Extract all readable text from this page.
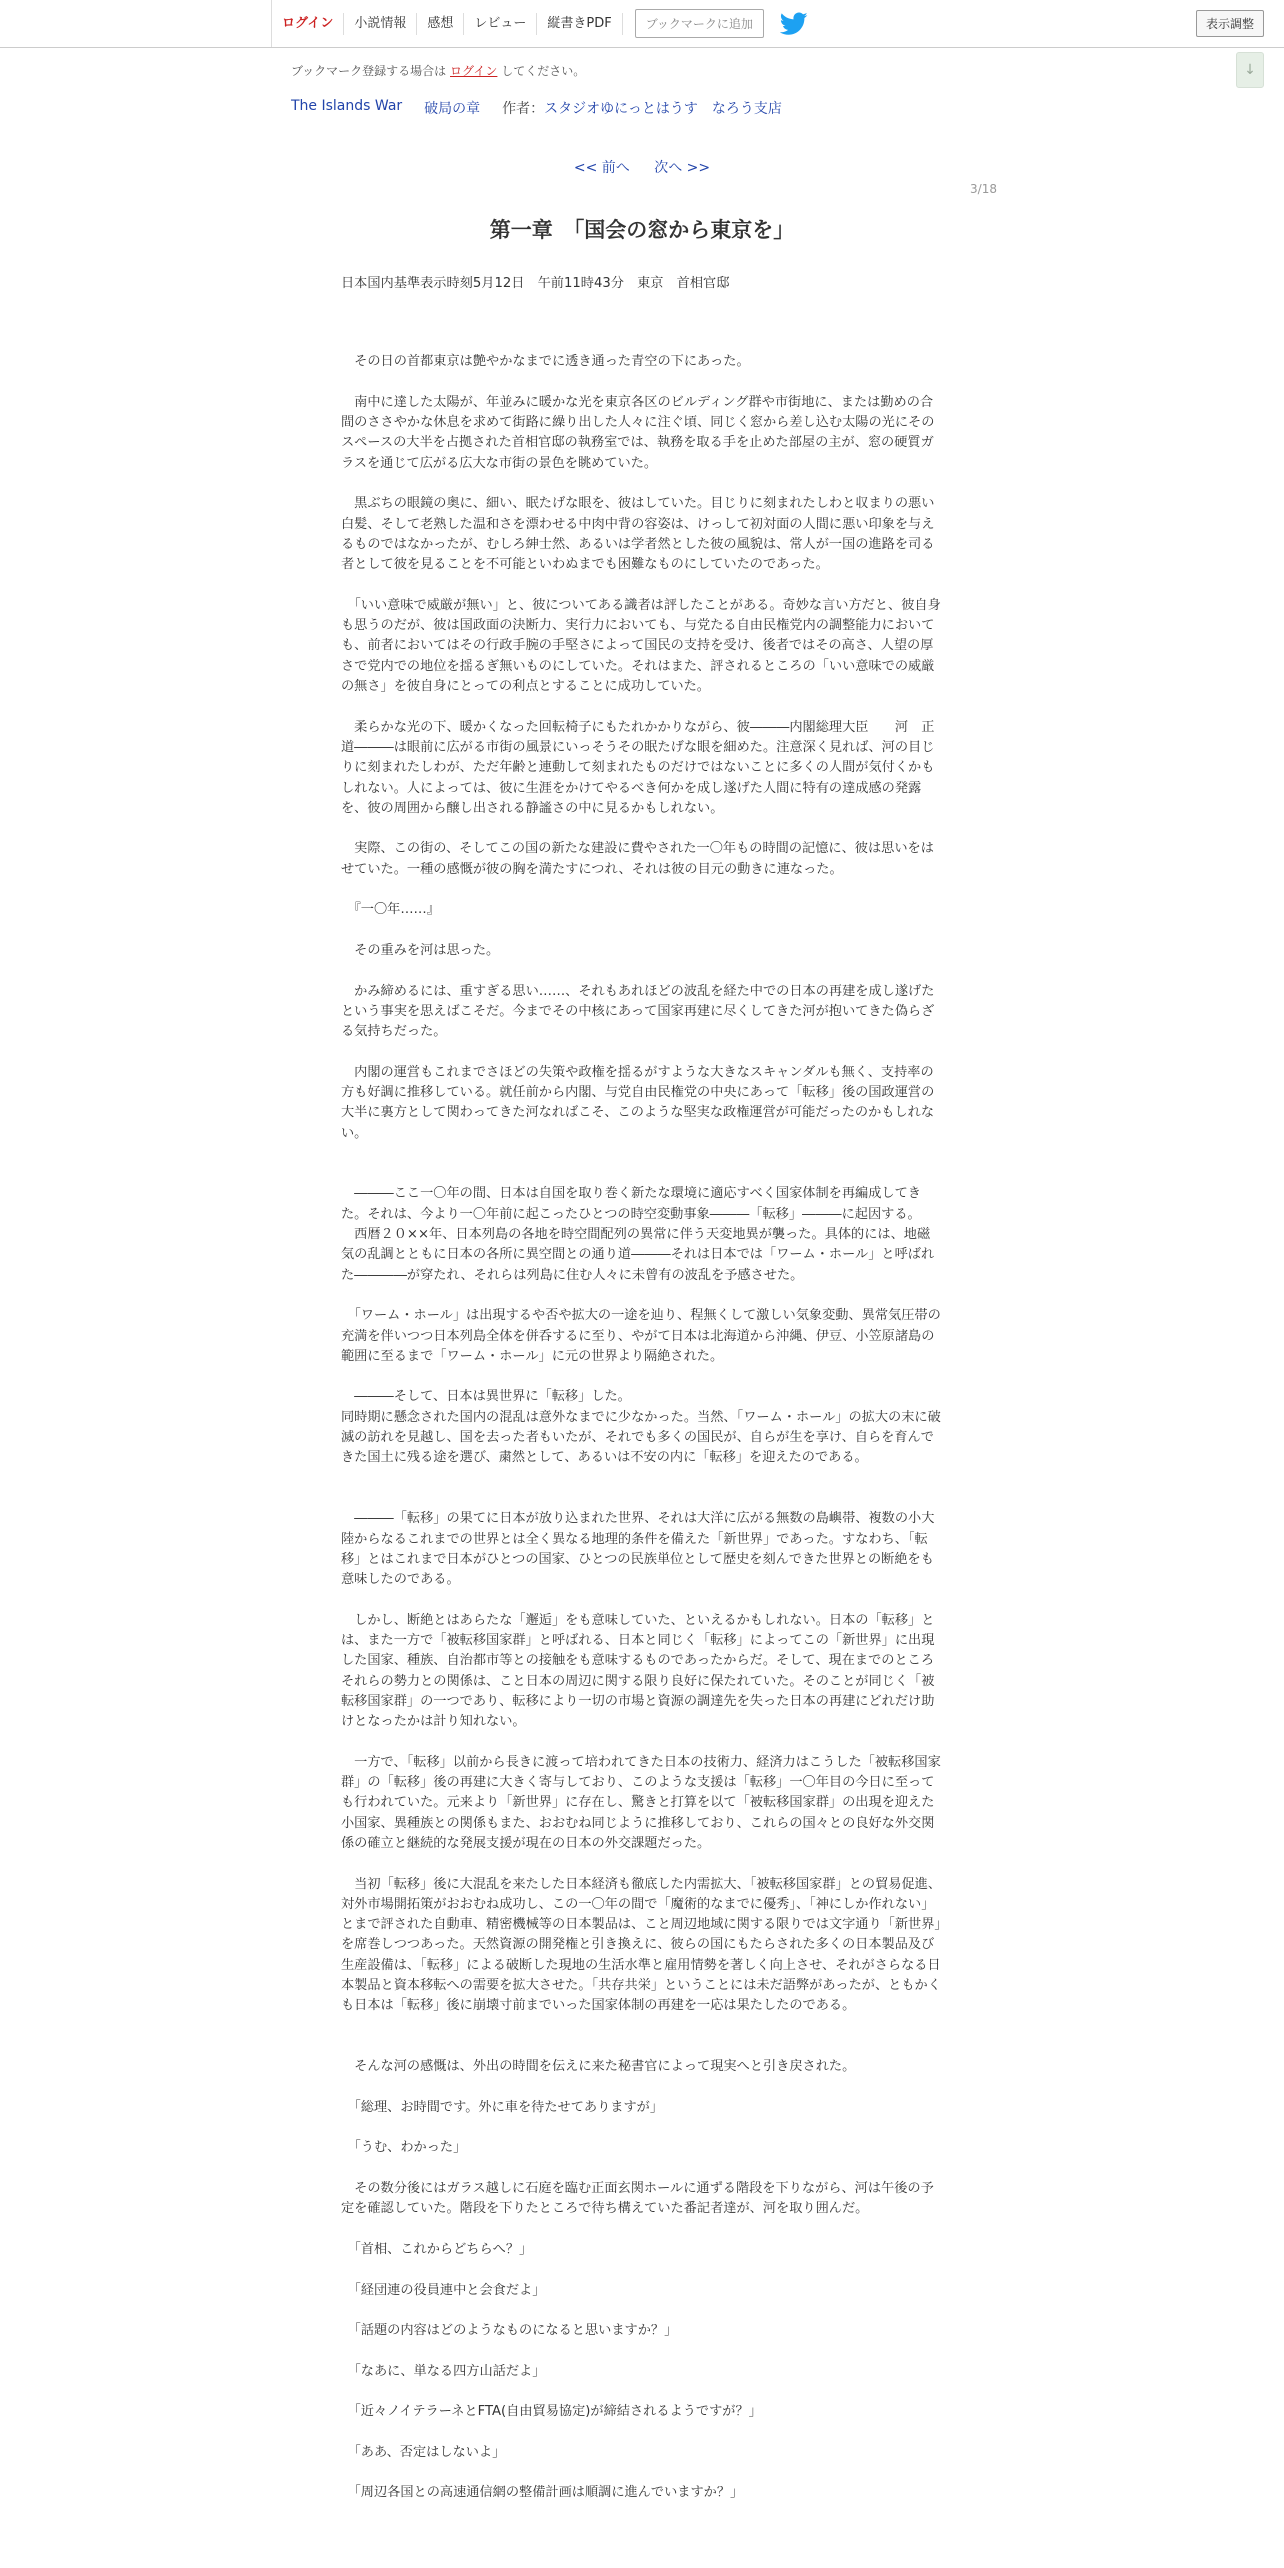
ログイン	小説情報	感想	レビュー	縦書きPDF	ブックマークに追加	表示調整
↓
ブックマーク登録する場合は ログイン してください。
The Islands War 破局の章 作者： スタジオゆにっとはうす　なろう支店
<< 前へ 次へ >>
3/18
第一章　「国会の窓から東京を」
日本国内基準表示時刻5月12日　午前11時43分　東京　首相官邸

　その日の首都東京は艶やかなまでに透き通った青空の下にあった。

　南中に達した太陽が、年並みに暖かな光を東京各区のビルディング群や市街地に、または勤めの合間のささやかな休息を求めて街路に繰り出した人々に注ぐ頃、同じく窓から差し込む太陽の光にそのスペースの大半を占拠された首相官邸の執務室では、執務を取る手を止めた部屋の主が、窓の硬質ガラスを通じて広がる広大な市街の景色を眺めていた。

　黒ぶちの眼鏡の奥に、細い、眠たげな眼を、彼はしていた。目じりに刻まれたしわと収まりの悪い白髪、そして老熟した温和さを漂わせる中肉中背の容姿は、けっして初対面の人間に悪い印象を与えるものではなかったが、むしろ紳士然、あるいは学者然とした彼の風貌は、常人が一国の進路を司る者として彼を見ることを不可能といわぬまでも困難なものにしていたのであった。

　「いい意味で威厳が無い」と、彼についてある識者は評したことがある。奇妙な言い方だと、彼自身も思うのだが、彼は国政面の決断力、実行力においても、与党たる自由民権党内の調整能力においても、前者においてはその行政手腕の手堅さによって国民の支持を受け、後者ではその高さ、人望の厚さで党内での地位を揺るぎ無いものにしていた。それはまた、評されるところの「いい意味での威厳の無さ」を彼自身にとっての利点とすることに成功していた。

　柔らかな光の下、暖かくなった回転椅子にもたれかかりながら、彼―――内閣総理大臣　　河　正道―――は眼前に広がる市街の風景にいっそうその眠たげな眼を細めた。注意深く見れば、河の目じりに刻まれたしわが、ただ年齢と連動して刻まれたものだけではないことに多くの人間が気付くかもしれない。人によっては、彼に生涯をかけてやるべき何かを成し遂げた人間に特有の達成感の発露を、彼の周囲から醸し出される静謐さの中に見るかもしれない。

　実際、この街の、そしてこの国の新たな建設に費やされた一〇年もの時間の記憶に、彼は思いをはせていた。一種の感慨が彼の胸を満たすにつれ、それは彼の目元の動きに連なった。

　『一〇年……』

　その重みを河は思った。

　かみ締めるには、重すぎる思い……、それもあれほどの波乱を経た中での日本の再建を成し遂げたという事実を思えばこそだ。今までその中核にあって国家再建に尽くしてきた河が抱いてきた偽らざる気持ちだった。

　内閣の運営もこれまでさほどの失策や政権を揺るがすような大きなスキャンダルも無く、支持率の方も好調に推移している。就任前から内閣、与党自由民権党の中央にあって「転移」後の国政運営の大半に裏方として関わってきた河なればこそ、このような堅実な政権運営が可能だったのかもしれない。

　―――ここ一〇年の間、日本は自国を取り巻く新たな環境に適応すべく国家体制を再編成してきた。それは、今より一〇年前に起こったひとつの時空変動事象―――「転移」―――に起因する。

　西暦２０××年、日本列島の各地を時空間配列の異常に伴う天変地異が襲った。具体的には、地磁気の乱調とともに日本の各所に異空間との通り道―――それは日本では「ワーム・ホール」と呼ばれた――――が穿たれ、それらは列島に住む人々に未曾有の波乱を予感させた。

　「ワーム・ホール」は出現するや否や拡大の一途を辿り、程無くして激しい気象変動、異常気圧帯の充満を伴いつつ日本列島全体を併呑するに至り、やがて日本は北海道から沖縄、伊豆、小笠原諸島の範囲に至るまで「ワーム・ホール」に元の世界より隔絶された。

　―――そして、日本は異世界に「転移」した。

同時期に懸念された国内の混乱は意外なまでに少なかった。当然、「ワーム・ホール」の拡大の末に破滅の訪れを見越し、国を去った者もいたが、それでも多くの国民が、自らが生を享け、自らを育んできた国土に残る途を選び、粛然として、あるいは不安の内に「転移」を迎えたのである。

　―――「転移」の果てに日本が放り込まれた世界、それは大洋に広がる無数の島嶼帯、複数の小大陸からなるこれまでの世界とは全く異なる地理的条件を備えた「新世界」であった。すなわち、「転移」とはこれまで日本がひとつの国家、ひとつの民族単位として歴史を刻んできた世界との断絶をも意味したのである。

　しかし、断絶とはあらたな「邂逅」をも意味していた、といえるかもしれない。日本の「転移」とは、また一方で「被転移国家群」と呼ばれる、日本と同じく「転移」によってこの「新世界」に出現した国家、種族、自治都市等との接触をも意味するものであったからだ。そして、現在までのところそれらの勢力との関係は、こと日本の周辺に関する限り良好に保たれていた。そのことが同じく「被転移国家群」の一つであり、転移により一切の市場と資源の調達先を失った日本の再建にどれだけ助けとなったかは計り知れない。

　一方で、「転移」以前から長きに渡って培われてきた日本の技術力、経済力はこうした「被転移国家群」の「転移」後の再建に大きく寄与しており、このような支援は「転移」一〇年目の今日に至っても行われていた。元来より「新世界」に存在し、驚きと打算を以て「被転移国家群」の出現を迎えた小国家、異種族との関係もまた、おおむね同じように推移しており、これらの国々との良好な外交関係の確立と継続的な発展支援が現在の日本の外交課題だった。

　当初「転移」後に大混乱を来たした日本経済も徹底した内需拡大、「被転移国家群」との貿易促進、対外市場開拓策がおおむね成功し、この一〇年の間で「魔術的なまでに優秀」、「神にしか作れない」とまで評された自動車、精密機械等の日本製品は、こと周辺地域に関する限りでは文字通り「新世界」を席巻しつつあった。天然資源の開発権と引き換えに、彼らの国にもたらされた多くの日本製品及び生産設備は、「転移」による破断した現地の生活水準と雇用情勢を著しく向上させ、それがさらなる日本製品と資本移転への需要を拡大させた。「共存共栄」ということには未だ語弊があったが、ともかくも日本は「転移」後に崩壊寸前までいった国家体制の再建を一応は果たしたのである。

　そんな河の感慨は、外出の時間を伝えに来た秘書官によって現実へと引き戻された。

　「総理、お時間です。外に車を待たせてありますが」

　「うむ、わかった」

　その数分後にはガラス越しに石庭を臨む正面玄関ホールに通ずる階段を下りながら、河は午後の予定を確認していた。階段を下りたところで待ち構えていた番記者達が、河を取り囲んだ。

　「首相、これからどちらへ？」

　「経団連の役員連中と会食だよ」

　「話題の内容はどのようなものになると思いますか？」

　「なあに、単なる四方山話だよ」

　「近々ノイテラーネとFTA(自由貿易協定)が締結されるようですが？」

　「ああ、否定はしないよ」

　「周辺各国との高速通信網の整備計画は順調に進んでいますか？」
